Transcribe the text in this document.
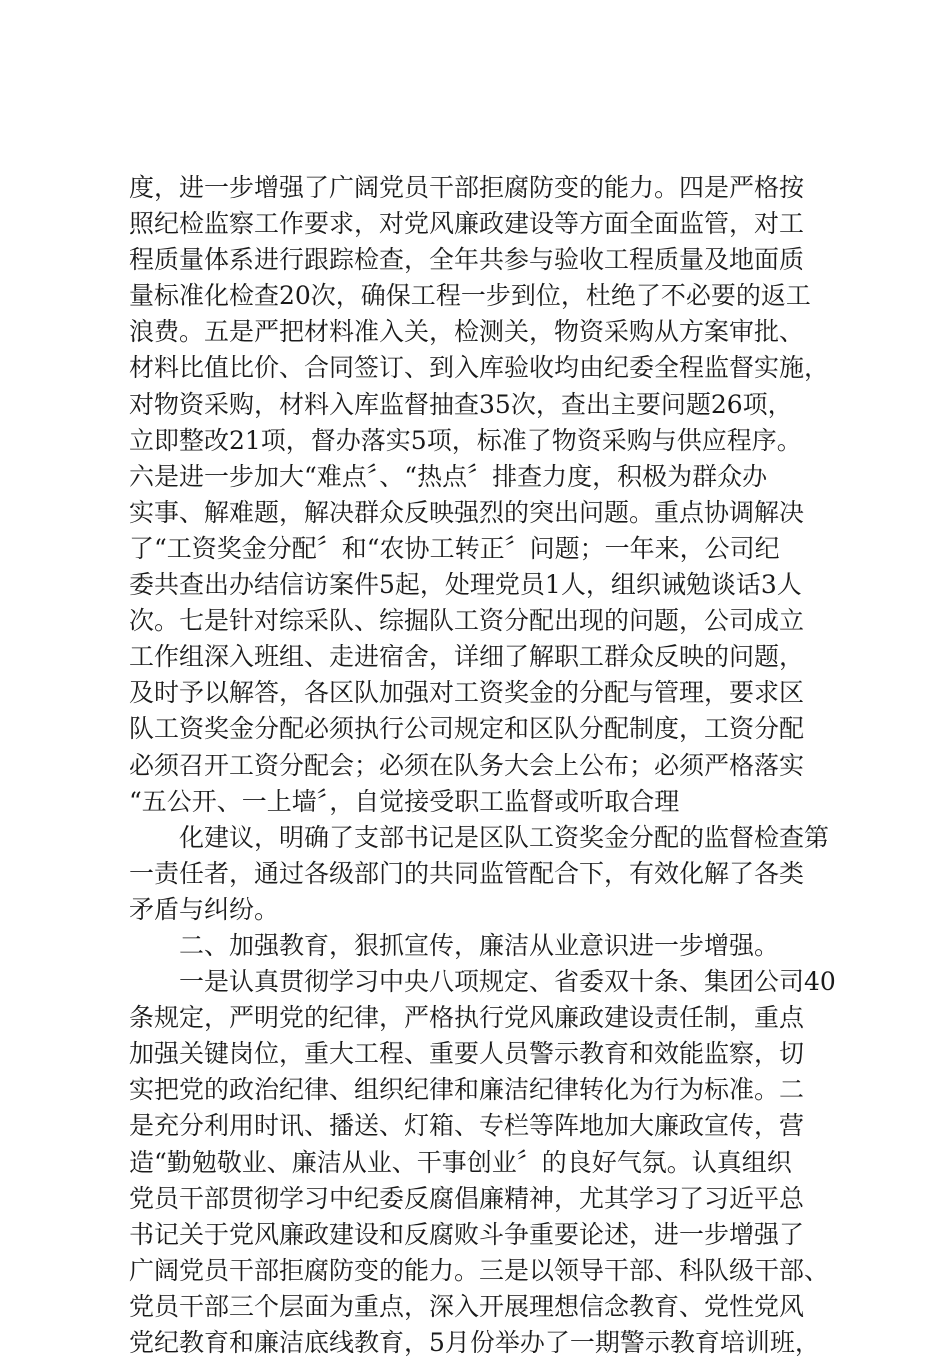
度，进一步增强了广阔党员干部拒腐防变的能力。四是严格按
照纪检监察工作要求，对党风廉政建设等方面全面监管，对工
程质量体系进行跟踪检查，全年共参与验收工程质量及地面质
量标准化检查20次，确保工程一步到位，杜绝了不必要的返工
浪费。五是严把材料准入关，检测关，物资采购从方案审批、
材料比值比价、合同签订、到入库验收均由纪委全程监督实施，
对物资采购，材料入库监督抽查35次，查出主要问题26项，
立即整改21项，督办落实5项，标准了物资采购与供应程序。
六是进一步加大“难点〞、“热点〞排查力度，积极为群众办
实事、解难题，解决群众反映强烈的突出问题。重点协调解决
了“工资奖金分配〞和“农协工转正〞问题；一年来，公司纪
委共查出办结信访案件5起，处理党员1人，组织诫勉谈话3人
次。七是针对综采队、综掘队工资分配出现的问题，公司成立
工作组深入班组、走进宿舍，详细了解职工群众反映的问题，
及时予以解答，各区队加强对工资奖金的分配与管理，要求区
队工资奖金分配必须执行公司规定和区队分配制度，工资分配
必须召开工资分配会；必须在队务大会上公布；必须严格落实
“五公开、一上墙〞，自觉接受职工监督或听取合理
化建议，明确了支部书记是区队工资奖金分配的监督检查第
一责任者，通过各级部门的共同监管配合下，有效化解了各类
矛盾与纠纷。
二、加强教育，狠抓宣传，廉洁从业意识进一步增强。
一是认真贯彻学习中央八项规定、省委双十条、集团公司40
条规定，严明党的纪律，严格执行党风廉政建设责任制，重点
加强关键岗位，重大工程、重要人员警示教育和效能监察，切
实把党的政治纪律、组织纪律和廉洁纪律转化为行为标准。二
是充分利用时讯、播送、灯箱、专栏等阵地加大廉政宣传，营
造“勤勉敬业、廉洁从业、干事创业〞的良好气氛。认真组织
党员干部贯彻学习中纪委反腐倡廉精神，尤其学习了习近平总
书记关于党风廉政建设和反腐败斗争重要论述，进一步增强了
广阔党员干部拒腐防变的能力。三是以领导干部、科队级干部、
党员干部三个层面为重点，深入开展理想信念教育、党性党风
党纪教育和廉洁底线教育，5月份举办了一期警示教育培训班，
